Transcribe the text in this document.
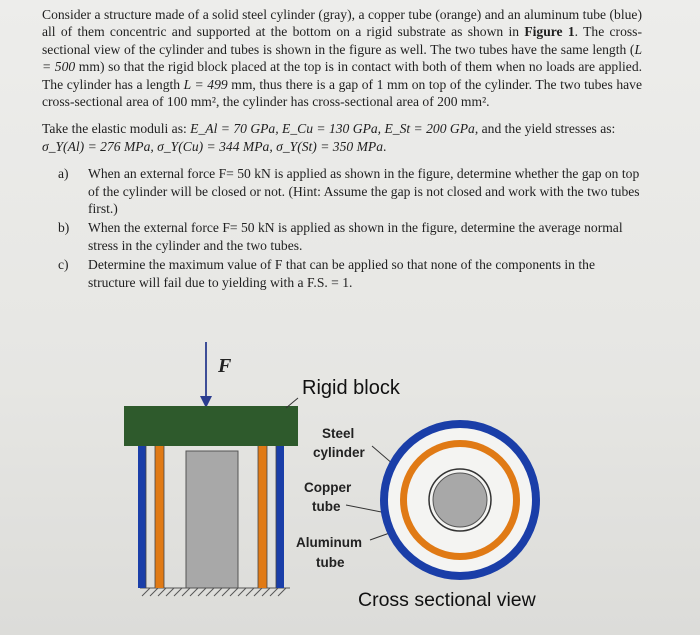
Consider a structure made of a solid steel cylinder (gray), a copper tube (orange) and an aluminum tube (blue) all of them concentric and supported at the bottom on a rigid substrate as shown in Figure 1. The cross-sectional view of the cylinder and tubes is shown in the figure as well. The two tubes have the same length (L = 500 mm) so that the rigid block placed at the top is in contact with both of them when no loads are applied. The cylinder has a length L = 499 mm, thus there is a gap of 1 mm on top of the cylinder. The two tubes have cross-sectional area of 100 mm², the cylinder has cross-sectional area of 200 mm².

Take the elastic moduli as: E_Al = 70 GPa, E_Cu = 130 GPa, E_St = 200 GPa, and the yield stresses as: σ_Y(Al) = 276 MPa, σ_Y(Cu) = 344 MPa, σ_Y(St) = 350 MPa.

a)	When an external force F= 50 kN is applied as shown in the figure, determine whether the gap on top of the cylinder will be closed or not. (Hint: Assume the gap is not closed and work with the two tubes first.)
b)	When the external force F= 50 kN is applied as shown in the figure, determine the average normal stress in the cylinder and the two tubes.
c)	Determine the maximum value of F that can be applied so that none of the components in the structure will fail due to yielding with a F.S. = 1.
F
Rigid block
Steel
cylinder
Copper
tube
Aluminum
tube
Cross sectional view
